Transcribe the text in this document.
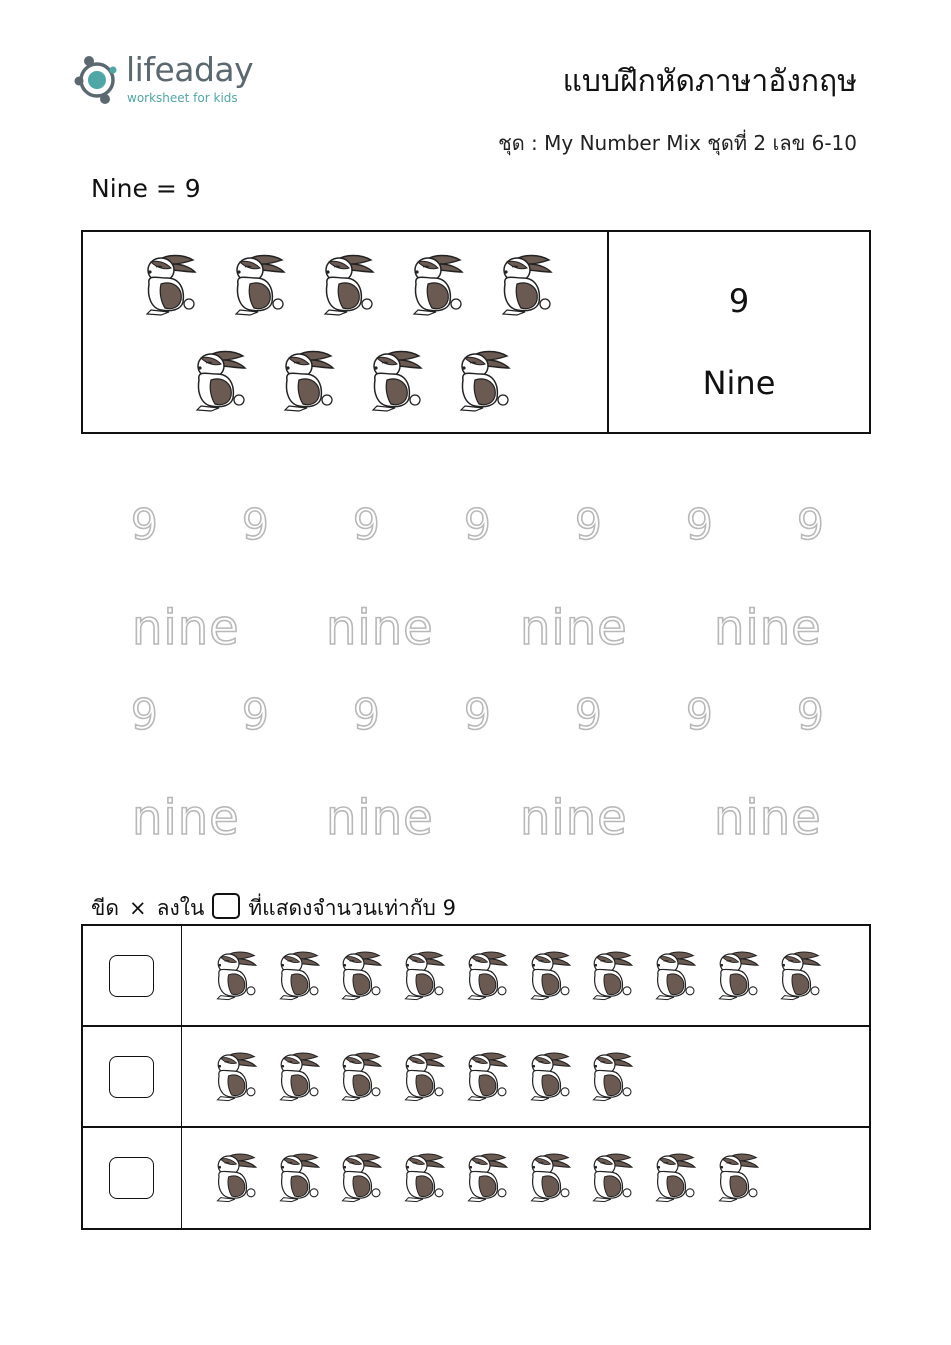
lifeaday
worksheet for kids	แบบฝึกหัดภาษาอังกฤษ
ชุด : My Number Mix ชุดที่ 2 เลข 6-10
Nine = 9
9
Nine
9 9 9 9 9 9 9
9 9 9 9 9 9 9
nine nine nine nine
nine nine nine nine
ขีด × ลงใน ที่แสดงจำนวนเท่ากับ 9
